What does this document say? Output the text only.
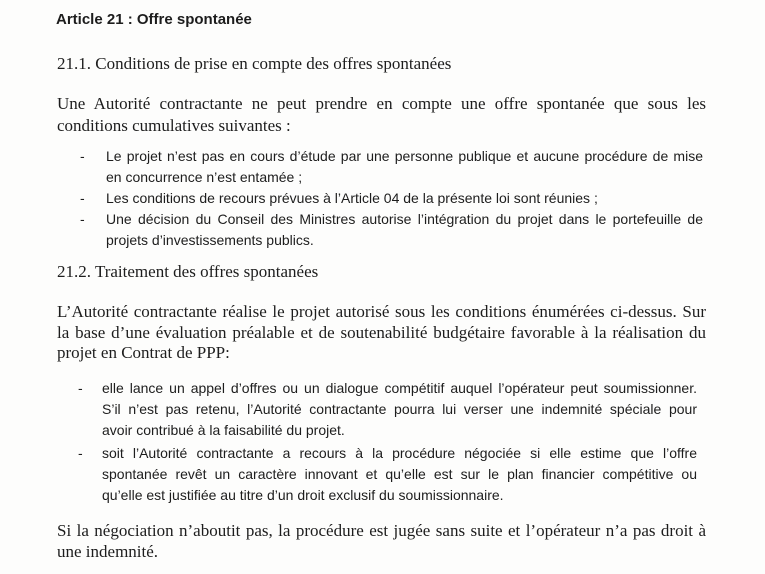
Article 21 : Offre spontanée
21.1. Conditions de prise en compte des offres spontanées
Une Autorité contractante ne peut prendre en compte une offre spontanée que sous les
conditions cumulatives suivantes :
- Le projet n’est pas en cours d’étude par une personne publique et aucune procédure de mise
en concurrence n’est entamée ;
- Les conditions de recours prévues à l’Article 04 de la présente loi sont réunies ;
- Une décision du Conseil des Ministres autorise l’intégration du projet dans le portefeuille de
projets d’investissements publics.
21.2. Traitement des offres spontanées
L’Autorité contractante réalise le projet autorisé sous les conditions énumérées ci-dessus. Sur
la base d’une évaluation préalable et de soutenabilité budgétaire favorable à la réalisation du
projet en Contrat de PPP:
- elle lance un appel d’offres ou un dialogue compétitif auquel l’opérateur peut soumissionner.
S’il n’est pas retenu, l’Autorité contractante pourra lui verser une indemnité spéciale pour
avoir contribué à la faisabilité du projet.
- soit l’Autorité contractante a recours à la procédure négociée si elle estime que l’offre
spontanée revêt un caractère innovant et qu’elle est sur le plan financier compétitive ou
qu’elle est justifiée au titre d’un droit exclusif du soumissionnaire.
Si la négociation n’aboutit pas, la procédure est jugée sans suite et l’opérateur n’a pas droit à
une indemnité.
